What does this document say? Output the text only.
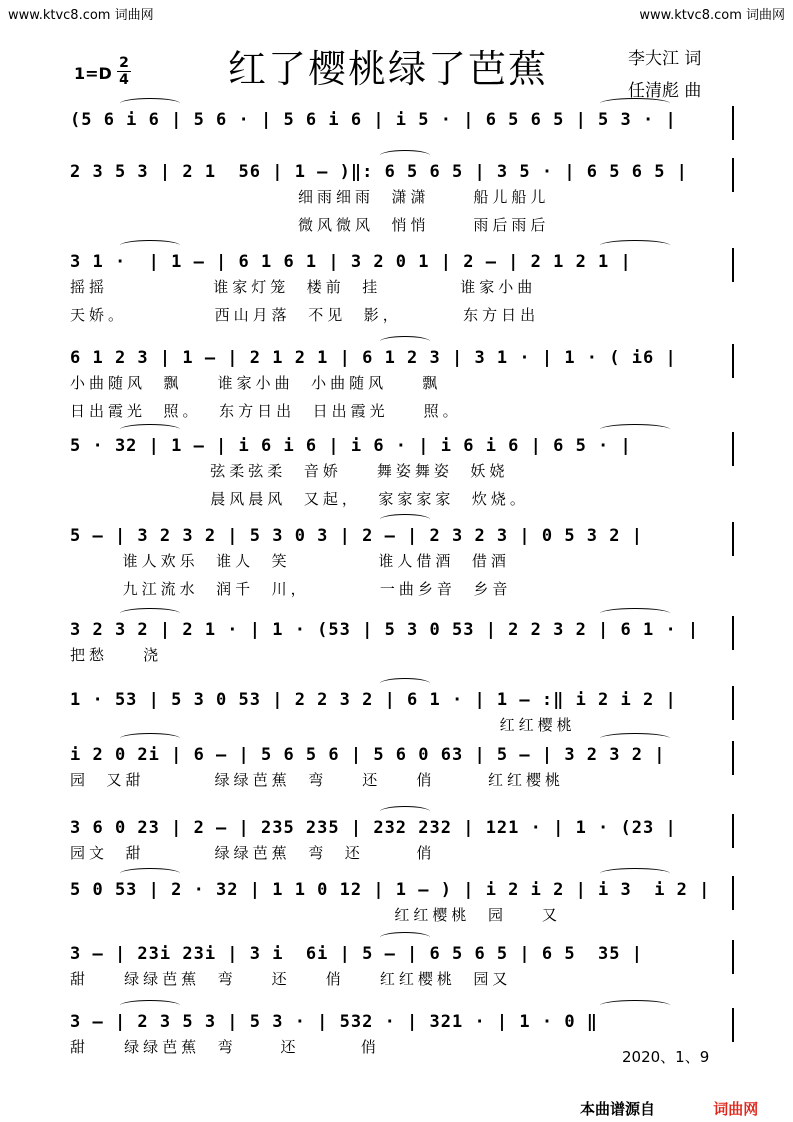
www.ktvc8.com 词曲网	www.ktvc8.com 词曲网
红了樱桃绿了芭蕉
1=D
2
4
李大江 词
任清彪 曲
(5 6 i 6 | 5 6 · | 5 6 i 6 | i 5 · | 6 5 6 5 | 5 3 · |
2 3 5 3 | 2 1  56 | 1 — )‖: 6 5 6 5 | 3 5 · | 6 5 6 5 |
细雨细雨  潇潇     船儿船儿
微风微风  悄悄     雨后雨后
3 1 ·  | 1 — | 6 1 6 1 | 3 2 0 1 | 2 — | 2 1 2 1 |
摇摇            谁家灯笼  楼前  挂         谁家小曲
天娇。          西山月落  不见  影，       东方日出
6 1 2 3 | 1 — | 2 1 2 1 | 6 1 2 3 | 3 1 · | 1 · ( i6 |
小曲随风  飘    谁家小曲  小曲随风    飘
日出霞光  照。  东方日出  日出霞光    照。
5 · 32 | 1 — | i 6 i 6 | i 6 · | i 6 i 6 | 6 5 · |
弦柔弦柔  音娇    舞姿舞姿  妖娆
晨风晨风  又起，  家家家家  炊烧。
5 — | 3 2 3 2 | 5 3 0 3 | 2 — | 2 3 2 3 | 0 5 3 2 |
谁人欢乐  谁人  笑          谁人借酒  借酒
九江流水  润千  川，        一曲乡音  乡音
3 2 3 2 | 2 1 · | 1 · (53 | 5 3 0 53 | 2 2 3 2 | 6 1 · |
把愁    浇
1 · 53 | 5 3 0 53 | 2 2 3 2 | 6 1 · | 1 — :‖ i 2 i 2 |
红红樱桃
i 2 0 2i | 6 — | 5 6 5 6 | 5 6 0 63 | 5 — | 3 2 3 2 |
园  又甜        绿绿芭蕉  弯    还    俏      红红樱桃
3 6 0 23 | 2 — | 235 235 | 232 232 | 121 · | 1 · (23 |
园文  甜        绿绿芭蕉  弯  还      俏
5 0 53 | 2 · 32 | 1 1 0 12 | 1 — ) | i 2 i 2 | i 3  i 2 |
红红樱桃  园    又
3 — | 23i 23i | 3 i  6i | 5 — | 6 5 6 5 | 6 5  35 |
甜    绿绿芭蕉  弯    还    俏    红红樱桃  园又
3 — | 2 3 5 3 | 5 3 · | 532 · | 321 · | 1 · 0 ‖
甜    绿绿芭蕉  弯     还       俏
2020、1、9
本曲谱源自	词曲网
